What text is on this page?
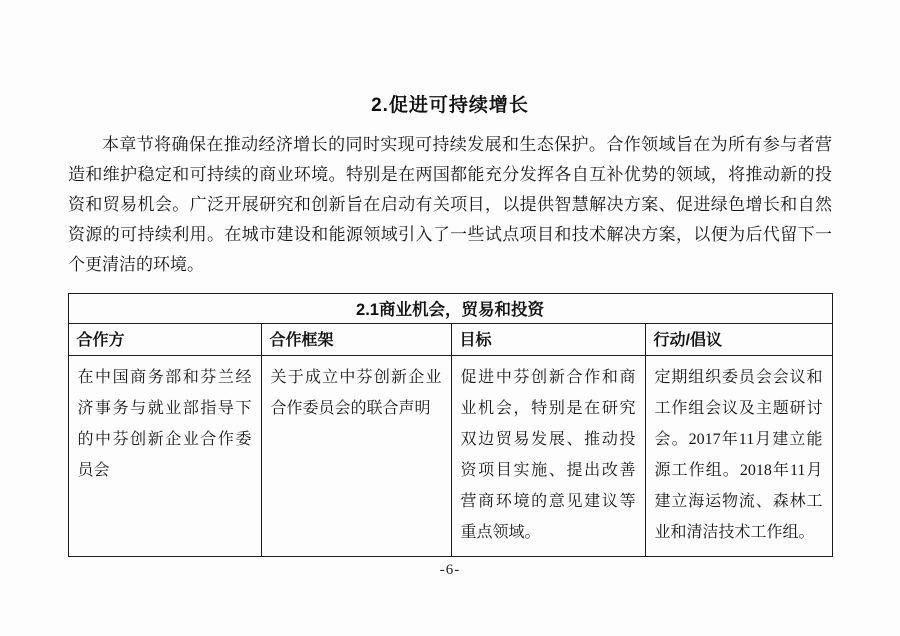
2.促进可持续增长

本章节将确保在推动经济增长的同时实现可持续发展和生态保护。合作领域旨在为所有参与者营造和维护稳定和可持续的商业环境。特别是在两国都能充分发挥各自互补优势的领域，将推动新的投资和贸易机会。广泛开展研究和创新旨在启动有关项目，以提供智慧解决方案、促进绿色增长和自然资源的可持续利用。在城市建设和能源领域引入了一些试点项目和技术解决方案，以便为后代留下一个更清洁的环境。

2.1商业机会，贸易和投资			
合作方	合作框架	目标	行动/倡议
在中国商务部和芬兰经济事务与就业部指导下的中芬创新企业合作委员会	关于成立中芬创新企业合作委员会的联合声明	促进中芬创新合作和商业机会，特别是在研究双边贸易发展、推动投资项目实施、提出改善营商环境的意见建议等重点领域。	定期组织委员会会议和工作组会议及主题研讨会。2017年11月建立能源工作组。2018年11月建立海运物流、森林工业和清洁技术工作组。
-6-
